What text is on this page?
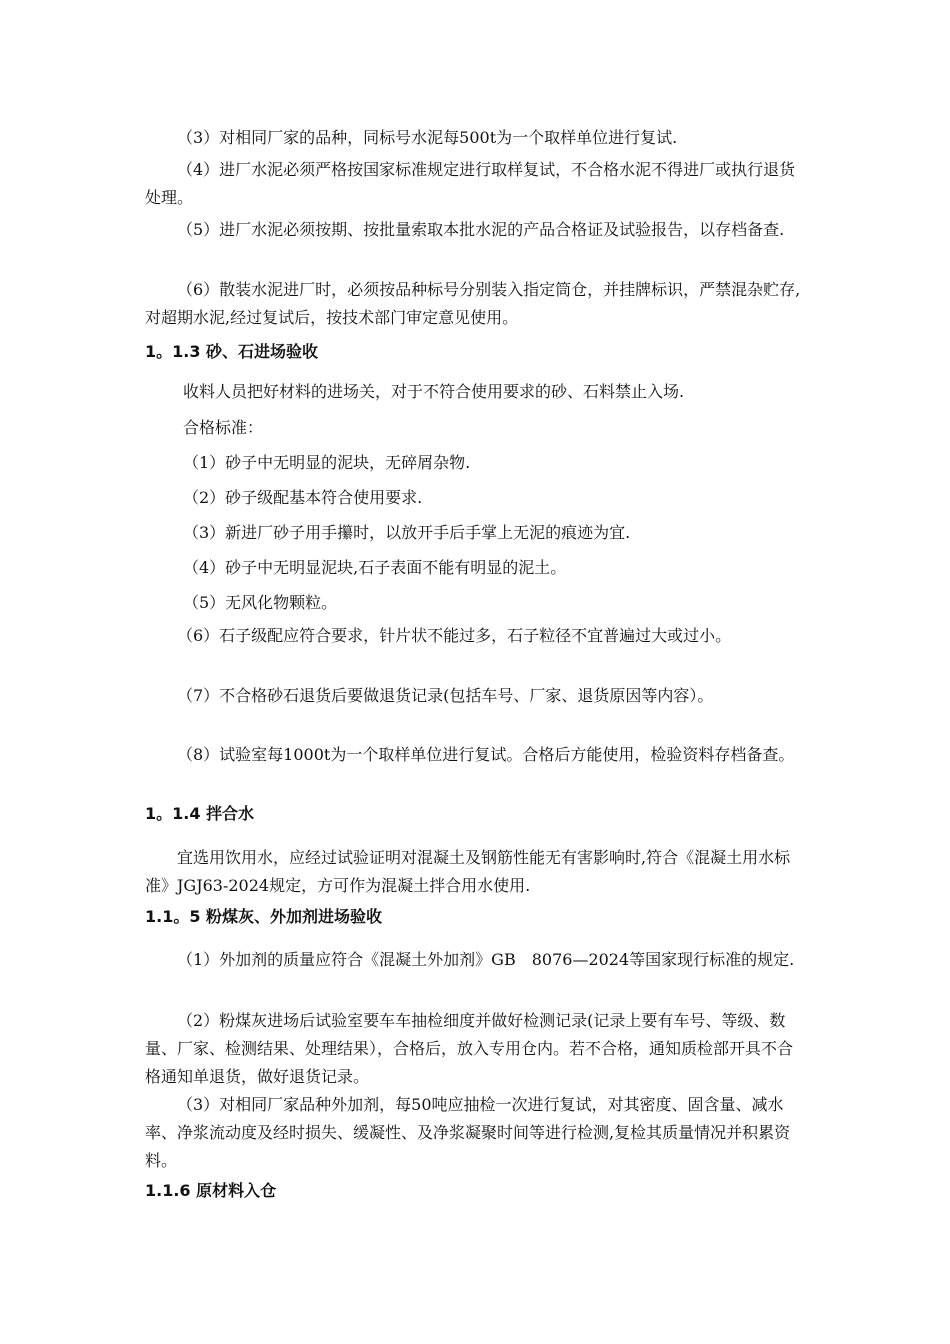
（3）对相同厂家的品种，同标号水泥每500t为一个取样单位进行复试.

（4）进厂水泥必须严格按国家标准规定进行取样复试，不合格水泥不得进厂或执行退货处理。

（5）进厂水泥必须按期、按批量索取本批水泥的产品合格证及试验报告，以存档备查.

（6）散装水泥进厂时，必须按品种标号分别装入指定筒仓，并挂牌标识，严禁混杂贮存,对超期水泥,经过复试后，按技术部门审定意见使用。

1。1.3 砂、石进场验收

收料人员把好材料的进场关，对于不符合使用要求的砂、石料禁止入场.

合格标准：

（1）砂子中无明显的泥块，无碎屑杂物.

（2）砂子级配基本符合使用要求.

（3）新进厂砂子用手攥时，以放开手后手掌上无泥的痕迹为宜.

（4）砂子中无明显泥块,石子表面不能有明显的泥土。

（5）无风化物颗粒。

（6）石子级配应符合要求，针片状不能过多，石子粒径不宜普遍过大或过小。

（7）不合格砂石退货后要做退货记录(包括车号、厂家、退货原因等内容）。

（8）试验室每1000t为一个取样单位进行复试。合格后方能使用，检验资料存档备查。

1。1.4 拌合水

宜选用饮用水，应经过试验证明对混凝土及钢筋性能无有害影响时,符合《混凝土用水标准》JGJ63-2024规定，方可作为混凝土拌合用水使用.

1.1。5 粉煤灰、外加剂进场验收

（1）外加剂的质量应符合《混凝土外加剂》GB　8076—2024等国家现行标准的规定.

（2）粉煤灰进场后试验室要车车抽检细度并做好检测记录(记录上要有车号、等级、数量、厂家、检测结果、处理结果），合格后，放入专用仓内。若不合格，通知质检部开具不合格通知单退货，做好退货记录。

（3）对相同厂家品种外加剂，每50吨应抽检一次进行复试，对其密度、固含量、减水率、净浆流动度及经时损失、缓凝性、及净浆凝聚时间等进行检测,复检其质量情况并积累资料。

1.1.6 原材料入仓
